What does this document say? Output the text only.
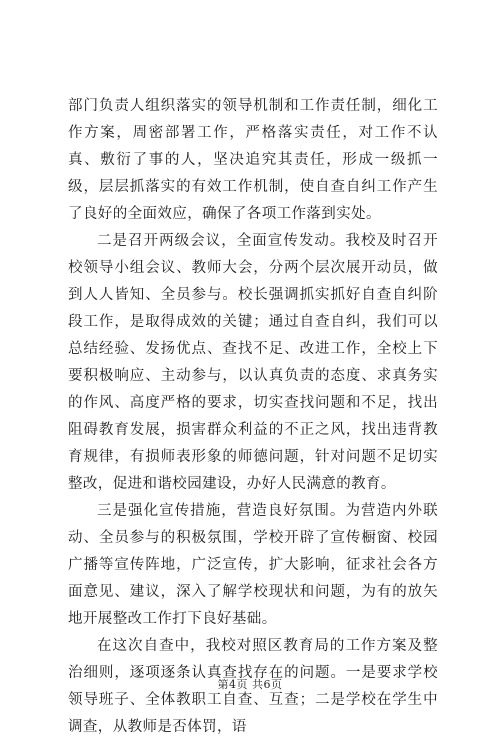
部门负责人组织落实的领导机制和工作责任制，细化工作方案，周密部署工作，严格落实责任，对工作不认真、敷衍了事的人，坚决追究其责任，形成一级抓一级，层层抓落实的有效工作机制，使自查自纠工作产生了良好的全面效应，确保了各项工作落到实处。

二是召开两级会议，全面宣传发动。我校及时召开校领导小组会议、教师大会，分两个层次展开动员，做到人人皆知、全员参与。校长强调抓实抓好自查自纠阶段工作，是取得成效的关键；通过自查自纠，我们可以总结经验、发扬优点、查找不足、改进工作，全校上下要积极响应、主动参与，以认真负责的态度、求真务实的作风、高度严格的要求，切实查找问题和不足，找出阻碍教育发展，损害群众利益的不正之风，找出违背教育规律，有损师表形象的师德问题，针对问题不足切实整改，促进和谐校园建设，办好人民满意的教育。

三是强化宣传措施，营造良好氛围。为营造内外联动、全员参与的积极氛围，学校开辟了宣传橱窗、校园广播等宣传阵地，广泛宣传，扩大影响，征求社会各方面意见、建议，深入了解学校现状和问题，为有的放矢地开展整改工作打下良好基础。

在这次自查中，我校对照区教育局的工作方案及整治细则，逐项逐条认真查找存在的问题。一是要求学校领导班子、全体教职工自查、互查；二是学校在学生中调查，从教师是否体罚，语

第4页 共6页
